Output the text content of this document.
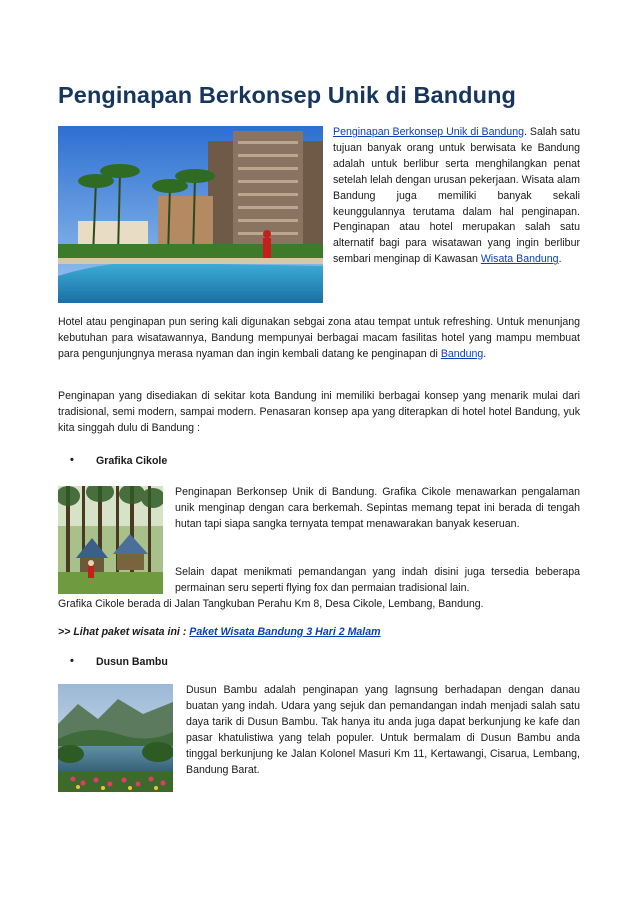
Penginapan Berkonsep Unik di Bandung
Penginapan Berkonsep Unik di Bandung. Salah satu tujuan banyak orang untuk berwisata ke Bandung adalah untuk berlibur serta menghilangkan penat setelah lelah dengan urusan pekerjaan. Wisata alam Bandung juga memiliki banyak sekali keunggulannya terutama dalam hal penginapan. Penginapan atau hotel merupakan salah satu alternatif bagi para wisatawan yang ingin berlibur sembari menginap di Kawasan Wisata Bandung.
Hotel atau penginapan pun sering kali digunakan sebgai zona atau tempat untuk refreshing. Untuk menunjang kebutuhan para wisatawannya, Bandung mempunyai berbagai macam fasilitas hotel yang mampu membuat para pengunjungnya merasa nyaman dan ingin kembali datang ke penginapan di Bandung.
Penginapan yang disediakan di sekitar kota Bandung ini memiliki berbagai konsep yang menarik mulai dari tradisional, semi modern, sampai modern. Penasaran konsep apa yang diterapkan di hotel hotel Bandung, yuk kita singgah dulu di Bandung :
• Grafika Cikole
Penginapan Berkonsep Unik di Bandung. Grafika Cikole menawarkan pengalaman unik menginap dengan cara berkemah. Sepintas memang tepat ini berada di tengah hutan tapi siapa sangka ternyata tempat menawarakan banyak keseruan.
Selain dapat menikmati pemandangan yang indah disini juga tersedia beberapa permainan seru seperti flying fox dan permaian tradisional lain.
Grafika Cikole berada di Jalan Tangkuban Perahu Km 8, Desa Cikole, Lembang, Bandung.
>> Lihat paket wisata ini : Paket Wisata Bandung 3 Hari 2 Malam
• Dusun Bambu
Dusun Bambu adalah penginapan yang lagnsung berhadapan dengan danau buatan yang indah. Udara yang sejuk dan pemandangan indah menjadi salah satu daya tarik di Dusun Bambu. Tak hanya itu anda juga dapat berkunjung ke kafe dan pasar khatulistiwa yang telah populer. Untuk bermalam di Dusun Bambu anda tinggal berkunjung ke Jalan Kolonel Masuri Km 11, Kertawangi, Cisarua, Lembang, Bandung Barat.
